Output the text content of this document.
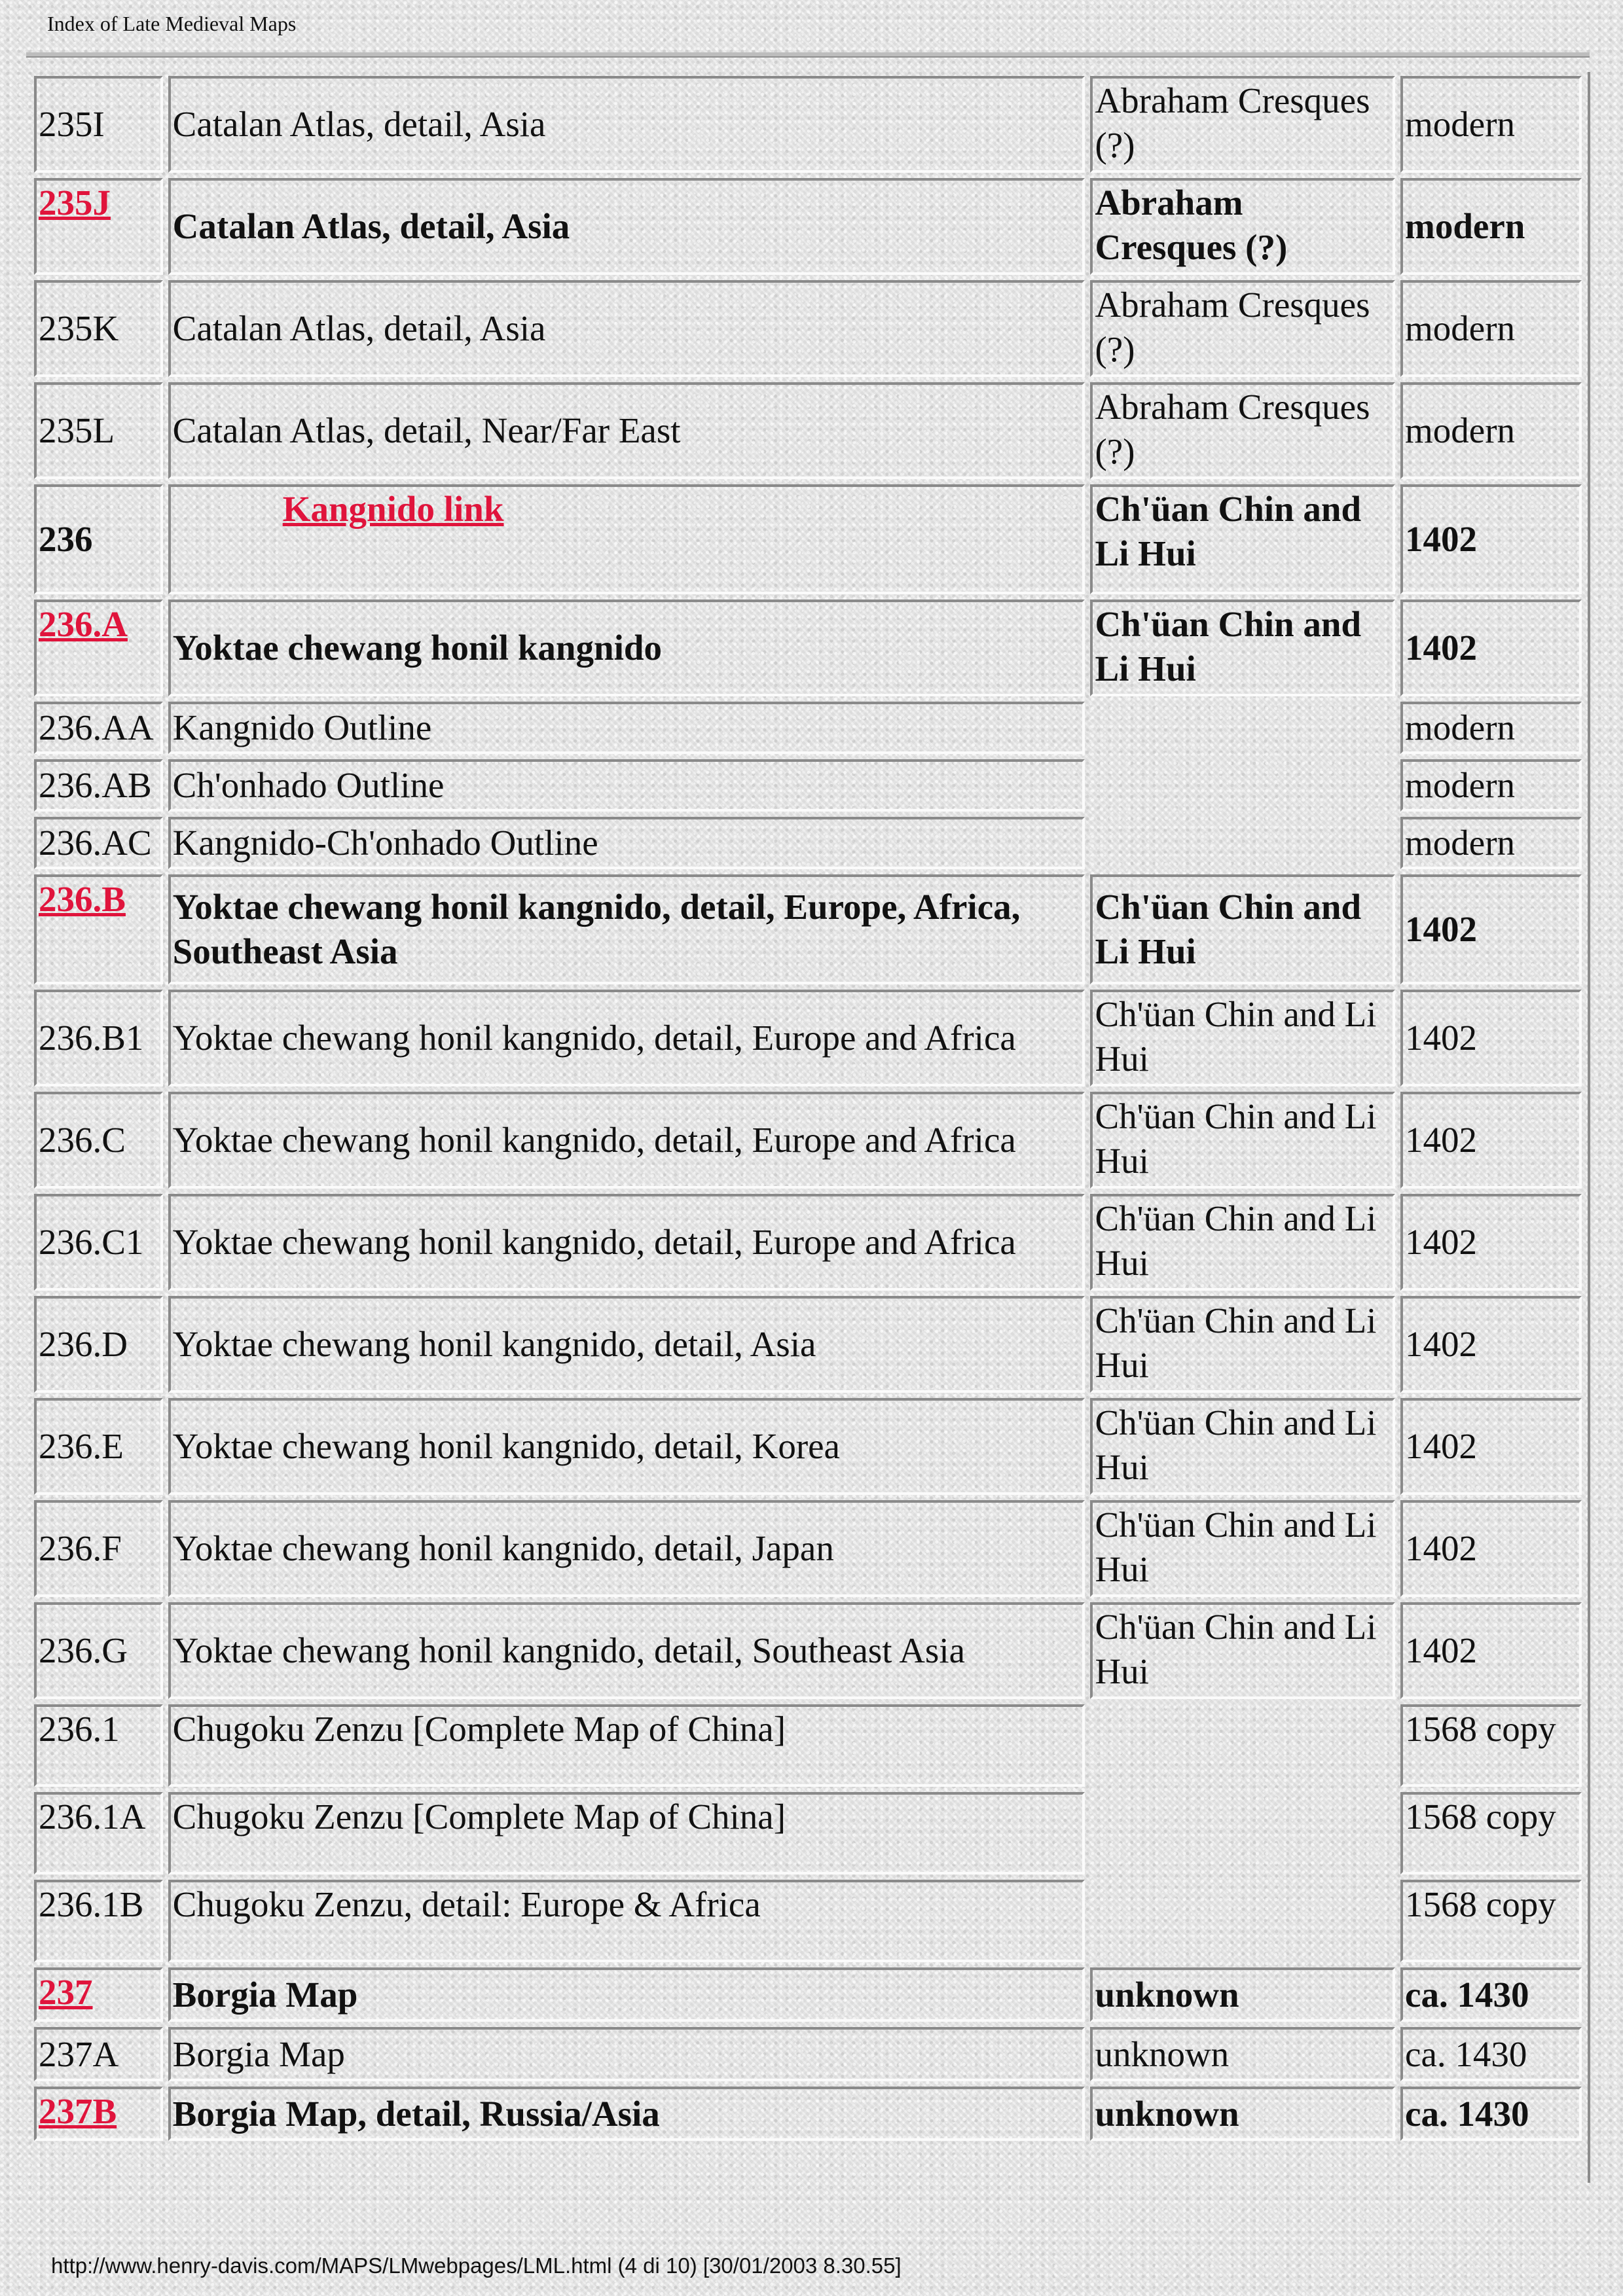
Index of Late Medieval Maps
235I	Catalan Atlas, detail, Asia	Abraham Cresques (?)	modern
235J	Catalan Atlas, detail, Asia	Abraham Cresques (?)	modern
235K	Catalan Atlas, detail, Asia	Abraham Cresques (?)	modern
235L	Catalan Atlas, detail, Near/Far East	Abraham Cresques (?)	modern
236	Kangnido link	Ch'üan Chin and Li Hui	1402
236.A	Yoktae chewang honil kangnido	Ch'üan Chin and Li Hui	1402
236.AA	Kangnido Outline		modern
236.AB	Ch'onhado Outline		modern
236.AC	Kangnido-Ch'onhado Outline		modern
236.B	Yoktae chewang honil kangnido, detail, Europe, Africa, Southeast Asia	Ch'üan Chin and Li Hui	1402
236.B1	Yoktae chewang honil kangnido, detail, Europe and Africa	Ch'üan Chin and Li Hui	1402
236.C	Yoktae chewang honil kangnido, detail, Europe and Africa	Ch'üan Chin and Li Hui	1402
236.C1	Yoktae chewang honil kangnido, detail, Europe and Africa	Ch'üan Chin and Li Hui	1402
236.D	Yoktae chewang honil kangnido, detail, Asia	Ch'üan Chin and Li Hui	1402
236.E	Yoktae chewang honil kangnido, detail, Korea	Ch'üan Chin and Li Hui	1402
236.F	Yoktae chewang honil kangnido, detail, Japan	Ch'üan Chin and Li Hui	1402
236.G	Yoktae chewang honil kangnido, detail, Southeast Asia	Ch'üan Chin and Li Hui	1402
236.1	Chugoku Zenzu [Complete Map of China]		1568 copy
236.1A	Chugoku Zenzu [Complete Map of China]		1568 copy
236.1B	Chugoku Zenzu, detail: Europe & Africa		1568 copy
237	Borgia Map	unknown	ca. 1430
237A	Borgia Map	unknown	ca. 1430
237B	Borgia Map, detail, Russia/Asia	unknown	ca. 1430
http://www.henry-davis.com/MAPS/LMwebpages/LML.html (4 di 10) [30/01/2003 8.30.55]
